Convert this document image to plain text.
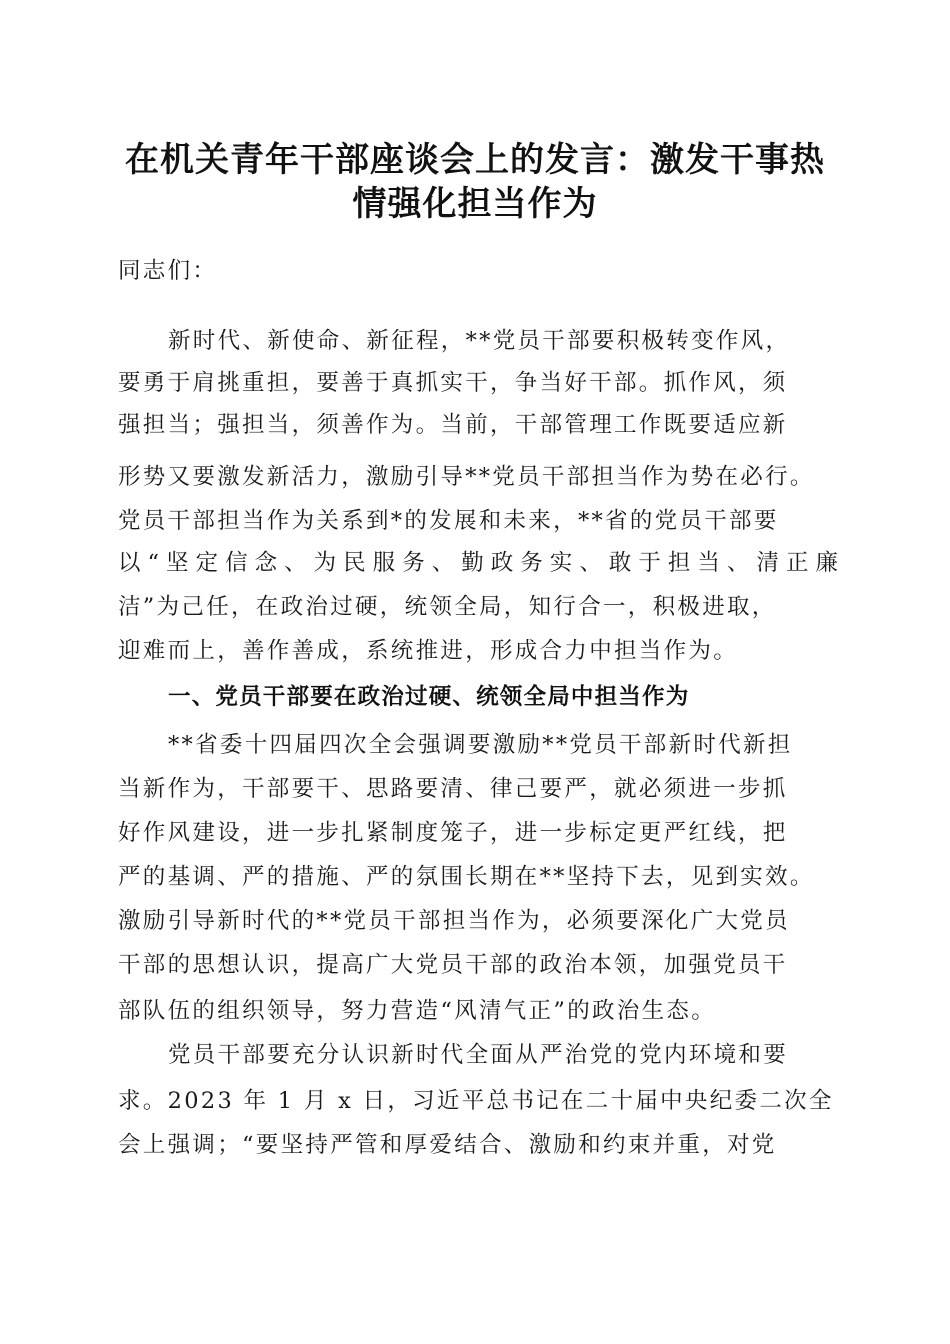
在机关青年干部座谈会上的发言：激发干事热
情强化担当作为
同志们：
新时代、新使命、新征程，**党员干部要积极转变作风，
要勇于肩挑重担，要善于真抓实干，争当好干部。抓作风，须
强担当；强担当，须善作为。当前，干部管理工作既要适应新
形势又要激发新活力，激励引导**党员干部担当作为势在必行。
党员干部担当作为关系到*的发展和未来，**省的党员干部要
以“坚定信念、为民服务、勤政务实、敢于担当、清正廉
洁”为己任，在政治过硬，统领全局，知行合一，积极进取，
迎难而上，善作善成，系统推进，形成合力中担当作为。
一、党员干部要在政治过硬、统领全局中担当作为
**省委十四届四次全会强调要激励**党员干部新时代新担
当新作为，干部要干、思路要清、律己要严，就必须进一步抓
好作风建设，进一步扎紧制度笼子，进一步标定更严红线，把
严的基调、严的措施、严的氛围长期在**坚持下去，见到实效。
激励引导新时代的**党员干部担当作为，必须要深化广大党员
干部的思想认识，提高广大党员干部的政治本领，加强党员干
部队伍的组织领导，努力营造“风清气正”的政治生态。
党员干部要充分认识新时代全面从严治党的党内环境和要
求。2023 年 1 月 x 日，习近平总书记在二十届中央纪委二次全
会上强调；“要坚持严管和厚爱结合、激励和约束并重，对党
